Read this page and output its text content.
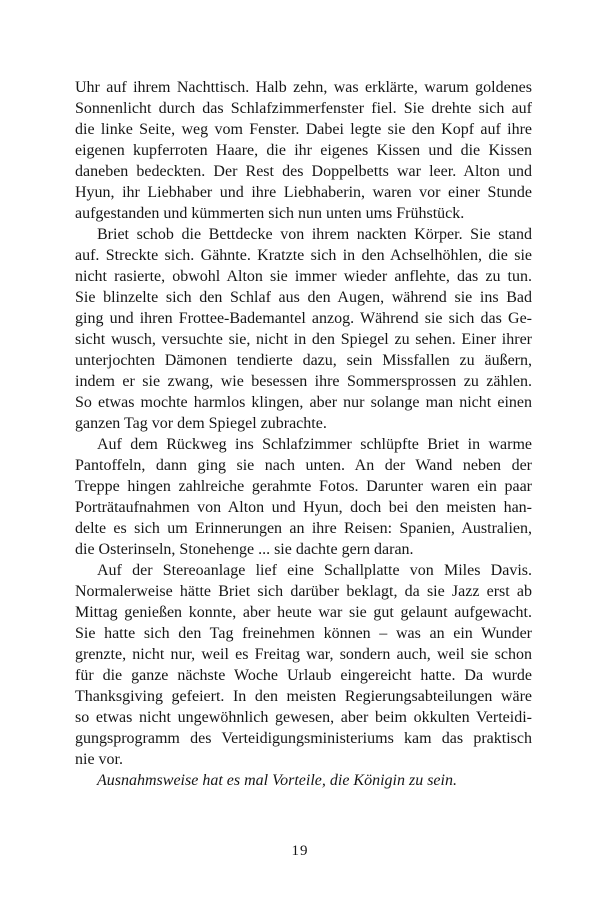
Uhr auf ihrem Nachttisch. Halb zehn, was erklärte, warum goldenes
Sonnenlicht durch das Schlafzimmerfenster fiel. Sie drehte sich auf
die linke Seite, weg vom Fenster. Dabei legte sie den Kopf auf ihre
eigenen kupferroten Haare, die ihr eigenes Kissen und die Kissen
daneben bedeckten. Der Rest des Doppelbetts war leer. Alton und
Hyun, ihr Liebhaber und ihre Liebhaberin, waren vor einer Stunde
aufgestanden und kümmerten sich nun unten ums Frühstück.
Briet schob die Bettdecke von ihrem nackten Körper. Sie stand
auf. Streckte sich. Gähnte. Kratzte sich in den Achselhöhlen, die sie
nicht rasierte, obwohl Alton sie immer wieder anflehte, das zu tun.
Sie blinzelte sich den Schlaf aus den Augen, während sie ins Bad
ging und ihren Frottee-Bademantel anzog. Während sie sich das Ge-
sicht wusch, versuchte sie, nicht in den Spiegel zu sehen. Einer ihrer
unterjochten Dämonen tendierte dazu, sein Missfallen zu äußern,
indem er sie zwang, wie besessen ihre Sommersprossen zu zählen.
So etwas mochte harmlos klingen, aber nur solange man nicht einen
ganzen Tag vor dem Spiegel zubrachte.
Auf dem Rückweg ins Schlafzimmer schlüpfte Briet in warme
Pantoffeln, dann ging sie nach unten. An der Wand neben der
Treppe hingen zahlreiche gerahmte Fotos. Darunter waren ein paar
Porträtaufnahmen von Alton und Hyun, doch bei den meisten han-
delte es sich um Erinnerungen an ihre Reisen: Spanien, Australien,
die Osterinseln, Stonehenge ... sie dachte gern daran.
Auf der Stereoanlage lief eine Schallplatte von Miles Davis.
Normalerweise hätte Briet sich darüber beklagt, da sie Jazz erst ab
Mittag genießen konnte, aber heute war sie gut gelaunt aufgewacht.
Sie hatte sich den Tag freinehmen können – was an ein Wunder
grenzte, nicht nur, weil es Freitag war, sondern auch, weil sie schon
für die ganze nächste Woche Urlaub eingereicht hatte. Da wurde
Thanksgiving gefeiert. In den meisten Regierungsabteilungen wäre
so etwas nicht ungewöhnlich gewesen, aber beim okkulten Verteidi-
gungsprogramm des Verteidigungsministeriums kam das praktisch
nie vor.
Ausnahmsweise hat es mal Vorteile, die Königin zu sein.
19
